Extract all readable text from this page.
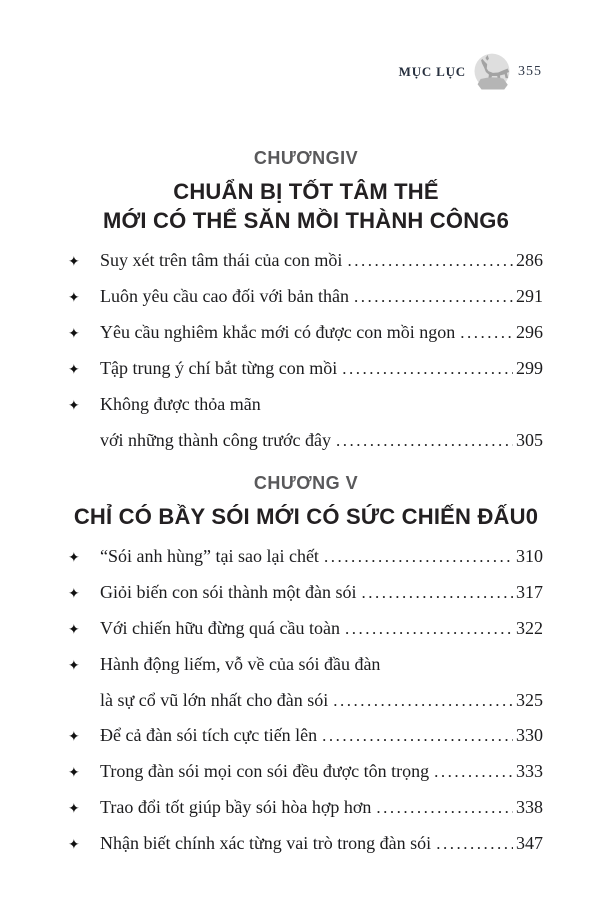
MỤC LỤC	355
CHƯƠNGIV
CHUẨN BỊ TỐT TÂM THẾ
MỚI CÓ THỂ SĂN MỒI THÀNH CÔNG6
✦	Suy xét trên tâm thái của con mồi .....	286
✦	Luôn yêu cầu cao đối với bản thân .....	291
✦	Yêu cầu nghiêm khắc mới có được con mồi ngon .....	296
✦	Tập trung ý chí bắt từng con mồi .....	299
✦	Không được thỏa mãn
với những thành công trước đây .....	305
CHƯƠNG V
CHỈ CÓ BẦY SÓI MỚI CÓ SỨC CHIẾN ĐẤU0
✦	“Sói anh hùng” tại sao lại chết .....	310
✦	Giỏi biến con sói thành một đàn sói .....	317
✦	Với chiến hữu đừng quá cầu toàn .....	322
✦	Hành động liếm, vỗ về của sói đầu đàn
là sự cổ vũ lớn nhất cho đàn sói .....	325
✦	Để cả đàn sói tích cực tiến lên .....	330
✦	Trong đàn sói mọi con sói đều được tôn trọng .....	333
✦	Trao đổi tốt giúp bầy sói hòa hợp hơn .....	338
✦	Nhận biết chính xác từng vai trò trong đàn sói .....	347
